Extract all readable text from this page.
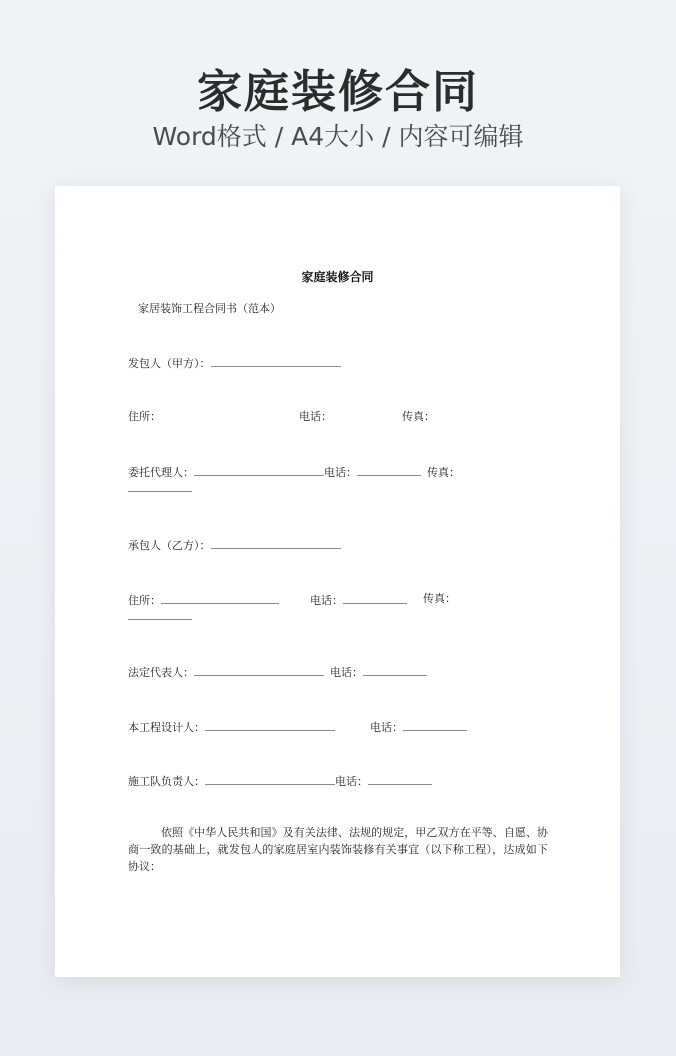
家庭装修合同
Word格式 / A4大小 / 内容可编辑
家庭装修合同
家居装饰工程合同书（范本）
发包人（甲方）：
住所：	电话：	传真：
委托代理人：	电话：	传真：
承包人（乙方）：
住所：	电话：	传真：
法定代表人：	电话：
本工程设计人：	电话：
施工队负责人：	电话：
依照《中华人民共和国》及有关法律、法规的规定，甲乙双方在平等、自愿、协商一致的基础上，就发包人的家庭居室内装饰装修有关事宜（以下称工程），达成如下协议：
